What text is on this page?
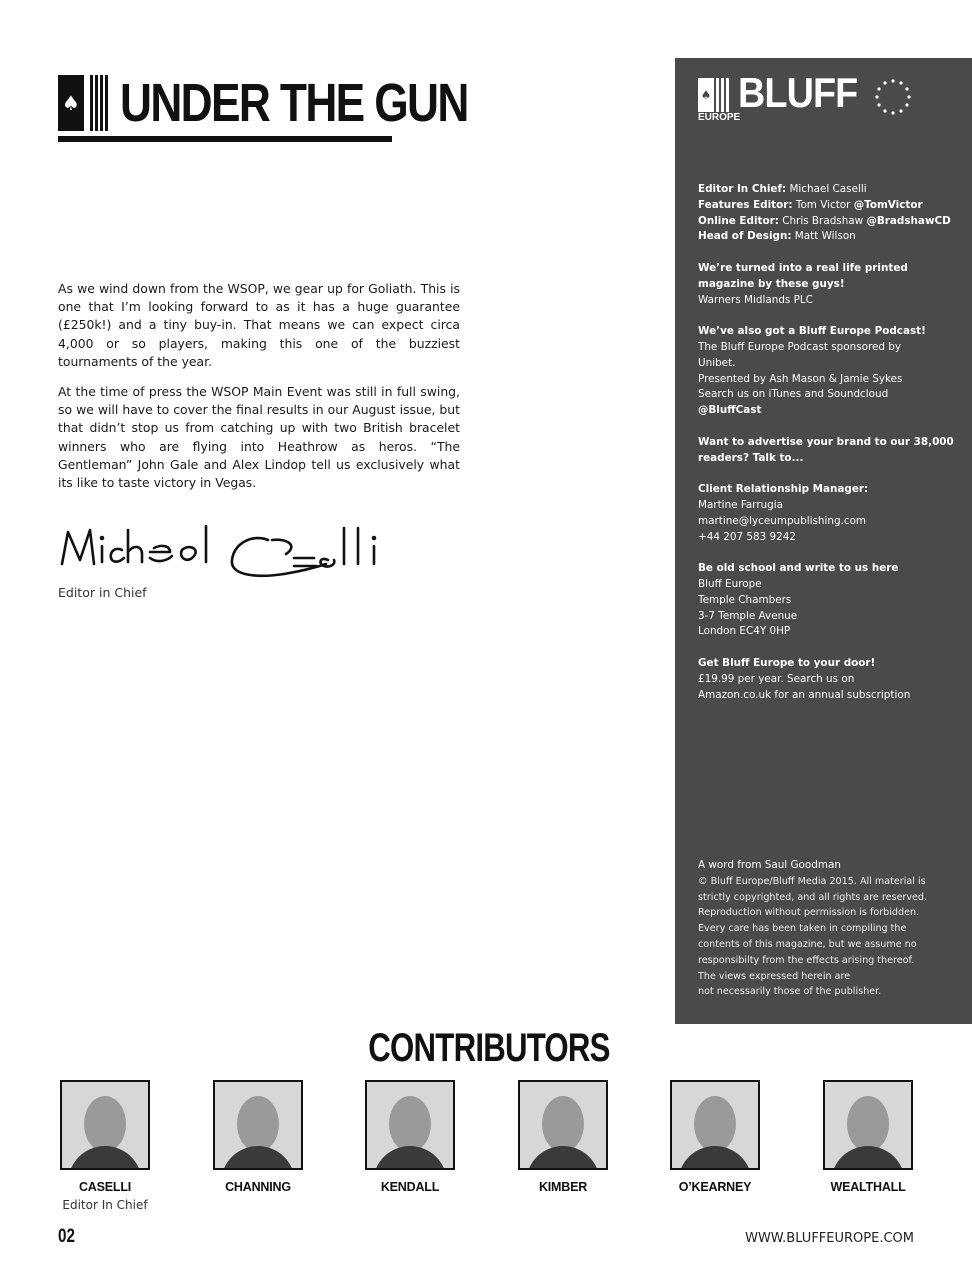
♠ UNDER THE GUN

As we wind down from the WSOP, we gear up for Goliath. This is one that I’m looking forward to as it has a huge guarantee (£250k!) and a tiny buy-in. That means we can expect circa 4,000 or so players, making this one of the buzziest tournaments of the year.

At the time of press the WSOP Main Event was still in full swing, so we will have to cover the final results in our August issue, but that didn’t stop us from catching up with two British bracelet winners who are flying into Heathrow as heros. “The Gentleman” John Gale and Alex Lindop tell us exclusively what its like to taste victory in Vegas.

Editor in Chief
♠ BLUFF
EUROPE
Editor In Chief: Michael Caselli
Features Editor: Tom Victor @TomVictor
Online Editor: Chris Bradshaw @BradshawCD
Head of Design: Matt Wilson
We’re turned into a real life printed
magazine by these guys!
Warners Midlands PLC
We’ve also got a Bluff Europe Podcast!
The Bluff Europe Podcast sponsored by
Unibet.
Presented by Ash Mason & Jamie Sykes
Search us on iTunes and Soundcloud
@BluffCast
Want to advertise your brand to our 38,000
readers? Talk to...
Client Relationship Manager:
Martine Farrugia
martine@lyceumpublishing.com
+44 207 583 9242
Be old school and write to us here
Bluff Europe
Temple Chambers
3-7 Temple Avenue
London EC4Y 0HP
Get Bluff Europe to your door!
£19.99 per year. Search us on
Amazon.co.uk for an annual subscription
A word from Saul Goodman
© Bluff Europe/Bluff Media 2015. All material is
strictly copyrighted, and all rights are reserved.
Reproduction without permission is forbidden.
Every care has been taken in compiling the
contents of this magazine, but we assume no
responsibilty from the effects arising thereof.
The views expressed herein are
not necessarily those of the publisher.
CONTRIBUTORS
CASELLI
Editor In Chief
CHANNING	KENDALL	KIMBER	O’KEARNEY	WEALTHALL
02	WWW.BLUFFEUROPE.COM
